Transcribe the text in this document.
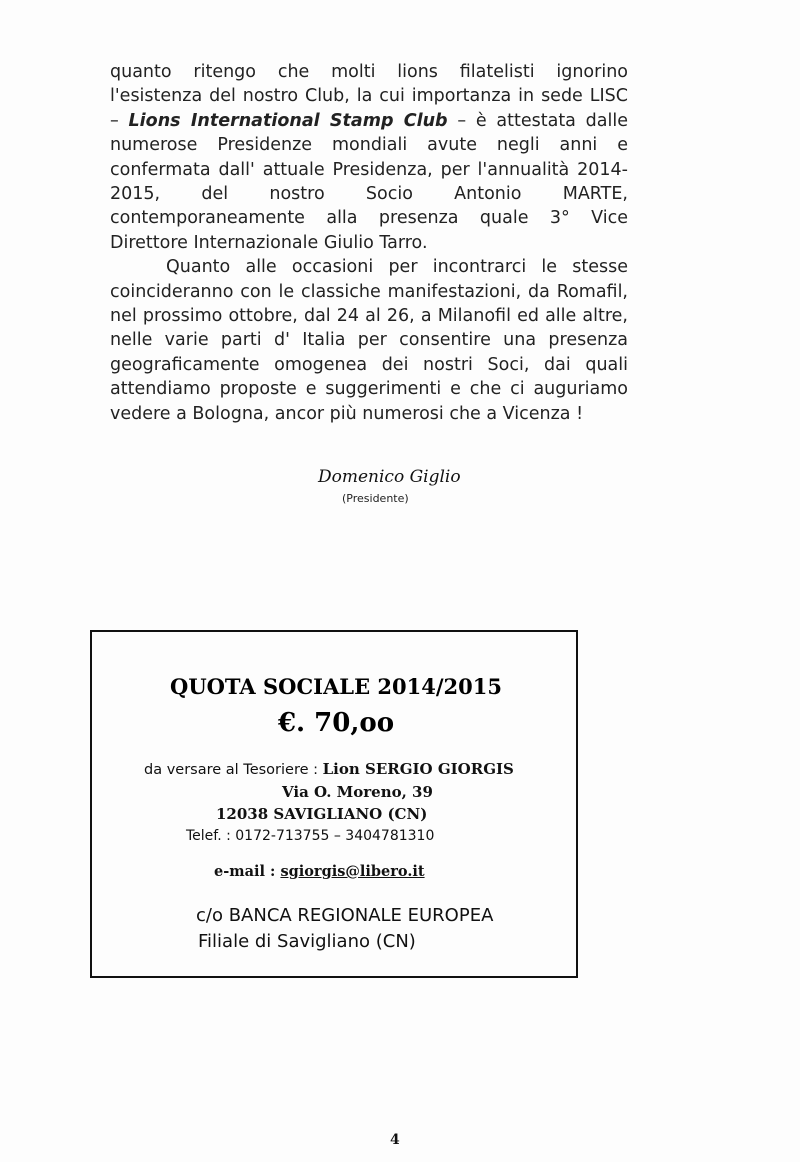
quanto ritengo che molti lions filatelisti ignorino l'esistenza del nostro Club, la cui importanza in sede LISC – Lions International Stamp Club – è attestata dalle numerose Presidenze mondiali avute negli anni e confermata dall' attuale Presidenza, per l'annualità 2014-2015, del nostro Socio Antonio MARTE, contemporaneamente alla presenza quale 3° Vice Direttore Internazionale Giulio Tarro.

Quanto alle occasioni per incontrarci le stesse coincideranno con le classiche manifestazioni, da Romafil, nel prossimo ottobre, dal 24 al 26, a Milanofil ed alle altre, nelle varie parti d' Italia per consentire una presenza geograficamente omogenea dei nostri Soci, dai quali attendiamo proposte e suggerimenti e che ci auguriamo vedere a Bologna, ancor più numerosi che a Vicenza !

Domenico Giglio
(Presidente)
QUOTA SOCIALE 2014/2015
€. 70,oo
da versare al Tesoriere : Lion SERGIO GIORGIS
Via O. Moreno, 39
12038 SAVIGLIANO (CN)
Telef. : 0172-713755 – 3404781310
e-mail : sgiorgis@libero.it
c/o BANCA REGIONALE EUROPEA
Filiale di Savigliano (CN)
4
